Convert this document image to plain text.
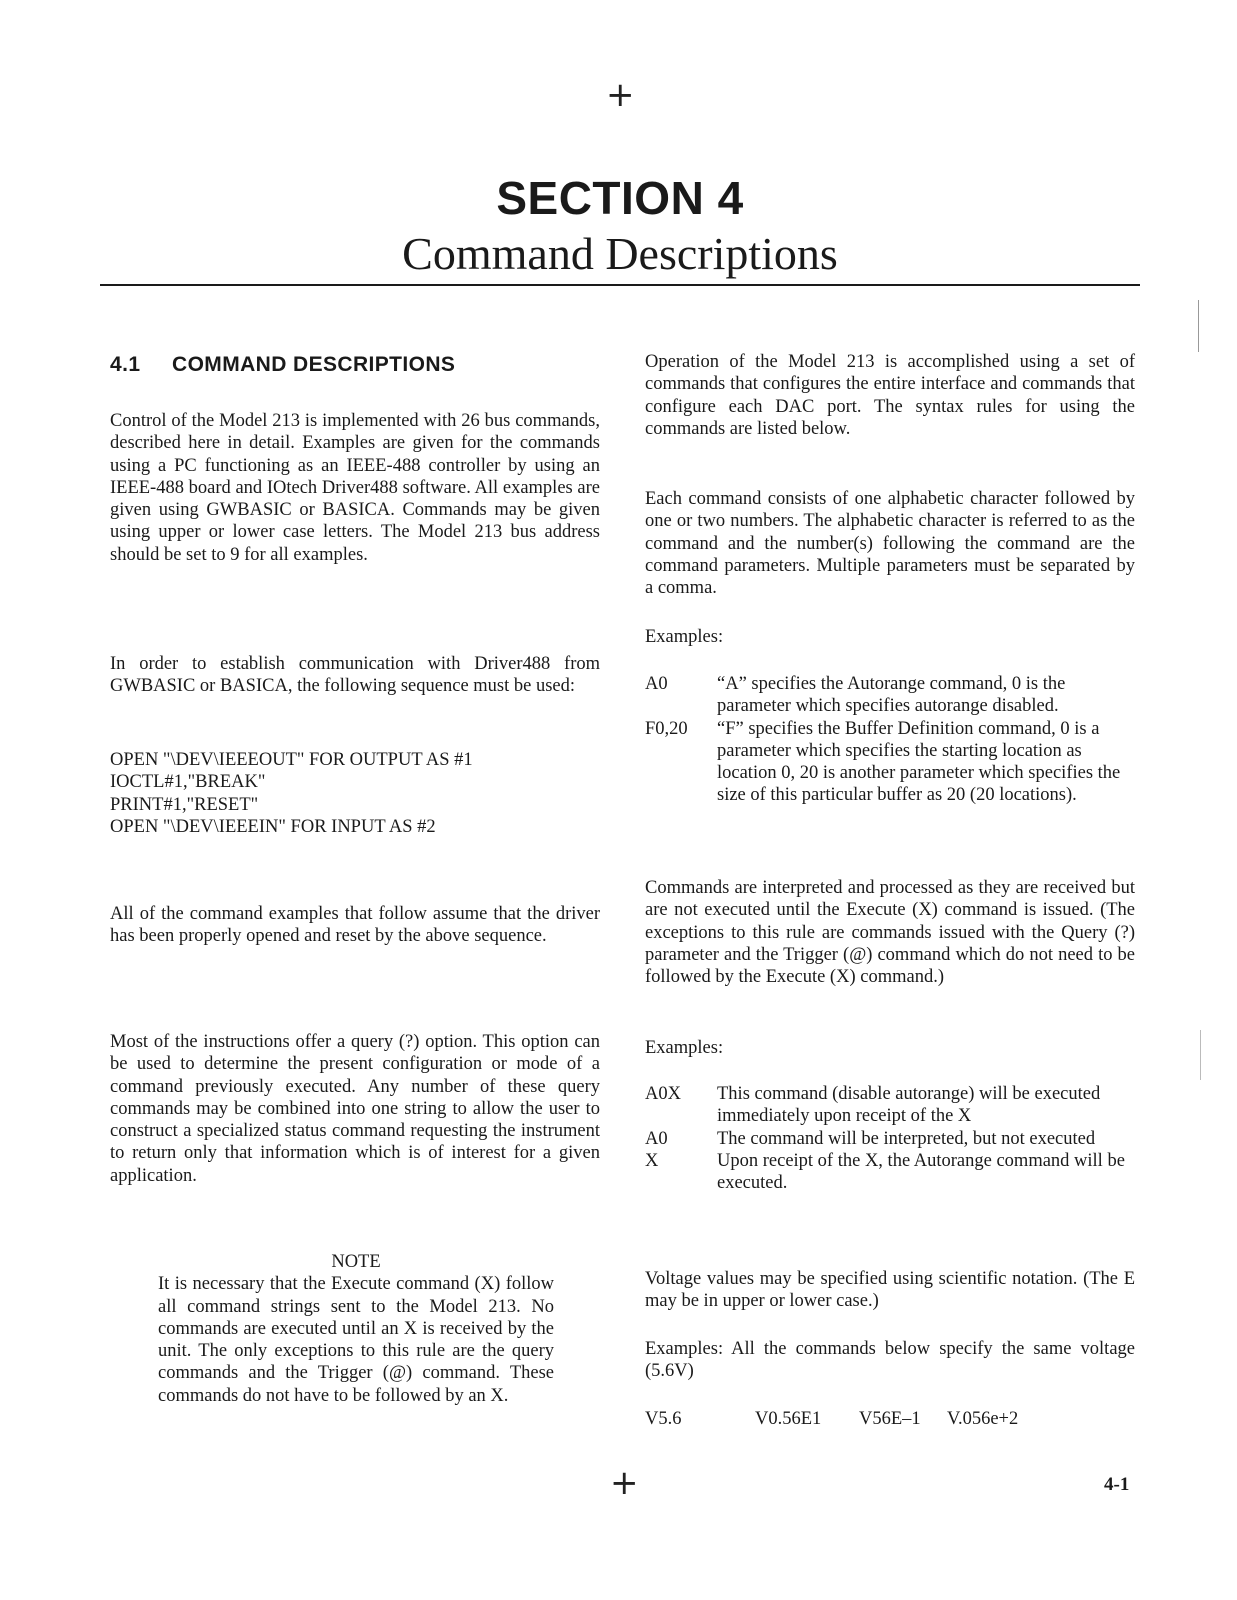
+
+
SECTION 4
Command Descriptions
4.1 COMMAND DESCRIPTIONS

Control of the Model 213 is implemented with 26 bus commands, described here in detail. Examples are given for the commands using a PC functioning as an IEEE-488 controller by using an IEEE-488 board and IOtech Driver488 software. All examples are given using GWBASIC or BASICA. Commands may be given using upper or lower case letters. The Model 213 bus address should be set to 9 for all examples.

In order to establish communication with Driver488 from GWBASIC or BASICA, the following sequence must be used:

OPEN "\DEV\IEEEOUT" FOR OUTPUT AS #1
IOCTL#1,"BREAK"
PRINT#1,"RESET"
OPEN "\DEV\IEEEIN" FOR INPUT AS #2

All of the command examples that follow assume that the driver has been properly opened and reset by the above sequence.

Most of the instructions offer a query (?) option. This option can be used to determine the present configuration or mode of a command previously executed. Any number of these query commands may be combined into one string to allow the user to construct a specialized status command requesting the instrument to return only that information which is of interest for a given application.

NOTE

It is necessary that the Execute command (X) follow all command strings sent to the Model 213. No commands are executed until an X is received by the unit. The only exceptions to this rule are the query commands and the Trigger (@) command. These commands do not have to be followed by an X.

Operation of the Model 213 is accomplished using a set of commands that configures the entire interface and commands that configure each DAC port. The syntax rules for using the commands are listed below.

Each command consists of one alphabetic character followed by one or two numbers. The alphabetic character is referred to as the command and the number(s) following the command are the command parameters. Multiple parameters must be separated by a comma.

Examples:

A0	“A” specifies the Autorange command, 0 is the parameter which specifies autorange disabled.
F0,20	“F” specifies the Buffer Definition command, 0 is a parameter which specifies the starting location as location 0, 20 is another parameter which specifies the size of this particular buffer as 20 (20 locations).

Commands are interpreted and processed as they are received but are not executed until the Execute (X) command is issued. (The exceptions to this rule are commands issued with the Query (?) parameter and the Trigger (@) command which do not need to be followed by the Execute (X) command.)

Examples:

A0X	This command (disable autorange) will be executed immediately upon receipt of the X
A0	The command will be interpreted, but not executed
X	Upon receipt of the X, the Autorange command will be executed.

Voltage values may be specified using scientific notation. (The E may be in upper or lower case.)

Examples: All the commands below specify the same voltage (5.6V)

V5.6	V0.56E1 V56E–1 V.056e+2
4-1
